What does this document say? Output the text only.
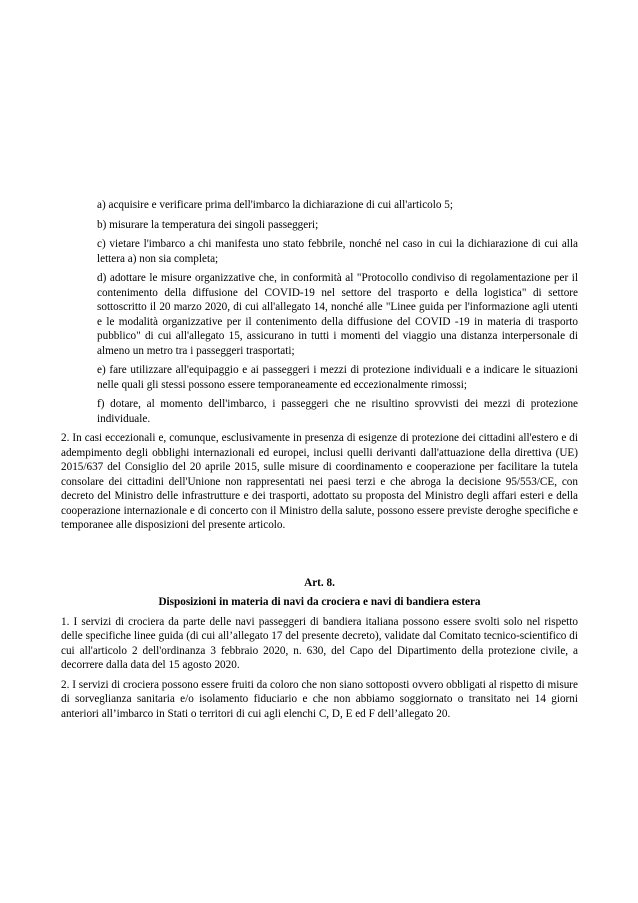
a) acquisire e verificare prima dell'imbarco la dichiarazione di cui all'articolo 5;
b) misurare la temperatura dei singoli passeggeri;
c) vietare l'imbarco a chi manifesta uno stato febbrile, nonché nel caso in cui la dichiarazione di cui alla lettera a) non sia completa;
d) adottare le misure organizzative che, in conformità al "Protocollo condiviso di regolamentazione per il contenimento della diffusione del COVID-19 nel settore del trasporto e della logistica" di settore sottoscritto il 20 marzo 2020, di cui all'allegato 14, nonché alle "Linee guida per l'informazione agli utenti e le modalità organizzative per il contenimento della diffusione del COVID -19 in materia di trasporto pubblico" di cui all'allegato 15, assicurano in tutti i momenti del viaggio una distanza interpersonale di almeno un metro tra i passeggeri trasportati;
e) fare utilizzare all'equipaggio e ai passeggeri i mezzi di protezione individuali e a indicare le situazioni nelle quali gli stessi possono essere temporaneamente ed eccezionalmente rimossi;
f) dotare, al momento dell'imbarco, i passeggeri che ne risultino sprovvisti dei mezzi di protezione individuale.
2. In casi eccezionali e, comunque, esclusivamente in presenza di esigenze di protezione dei cittadini all'estero e di adempimento degli obblighi internazionali ed europei, inclusi quelli derivanti dall'attuazione della direttiva (UE) 2015/637 del Consiglio del 20 aprile 2015, sulle misure di coordinamento e cooperazione per facilitare la tutela consolare dei cittadini dell'Unione non rappresentati nei paesi terzi e che abroga la decisione 95/553/CE, con decreto del Ministro delle infrastrutture e dei trasporti, adottato su proposta del Ministro degli affari esteri e della cooperazione internazionale e di concerto con il Ministro della salute, possono essere previste deroghe specifiche e temporanee alle disposizioni del presente articolo.
Art. 8.
Disposizioni in materia di navi da crociera e navi di bandiera estera
1. I servizi di crociera da parte delle navi passeggeri di bandiera italiana possono essere svolti solo nel rispetto delle specifiche linee guida (di cui all’allegato 17 del presente decreto), validate dal Comitato tecnico-scientifico di cui all'articolo 2 dell'ordinanza 3 febbraio 2020, n. 630, del Capo del Dipartimento della protezione civile, a decorrere dalla data del 15 agosto 2020.
2. I servizi di crociera possono essere fruiti da coloro che non siano sottoposti ovvero obbligati al rispetto di misure di sorveglianza sanitaria e/o isolamento fiduciario e che non abbiamo soggiornato o transitato nei 14 giorni anteriori all’imbarco in Stati o territori di cui agli elenchi C, D, E ed F dell’allegato 20.
